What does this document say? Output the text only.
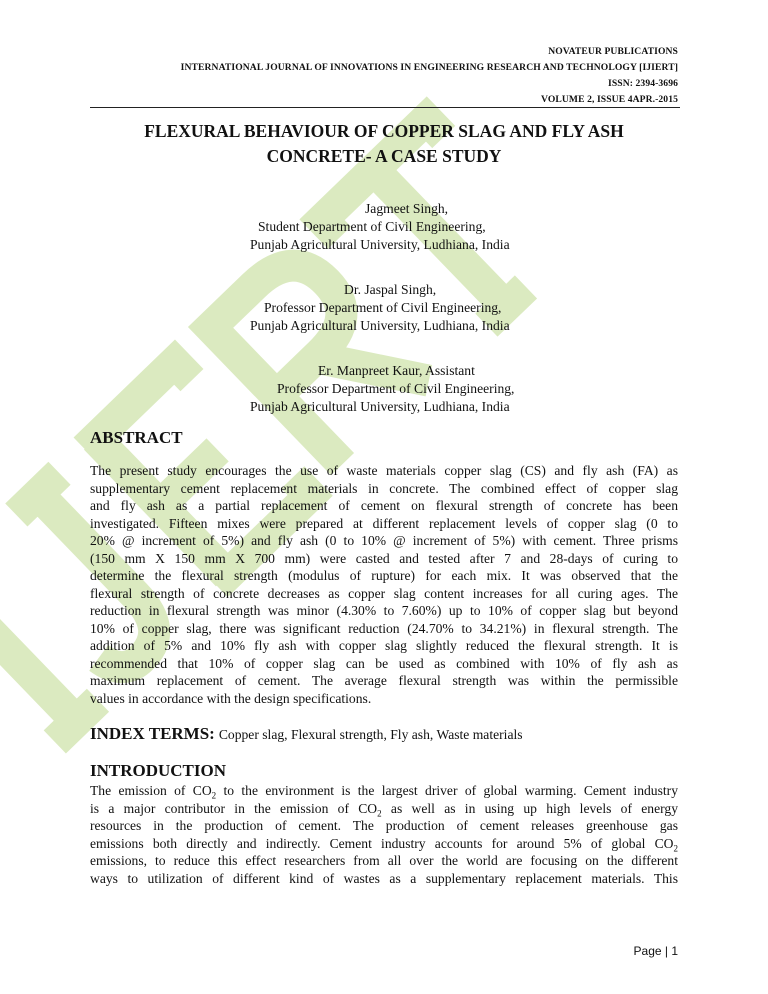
NOVATEUR PUBLICATIONS
INTERNATIONAL JOURNAL OF INNOVATIONS IN ENGINEERING RESEARCH AND TECHNOLOGY [IJIERT]
ISSN: 2394-3696
VOLUME 2, ISSUE 4APR.-2015
FLEXURAL BEHAVIOUR OF COPPER SLAG AND FLY ASH
CONCRETE- A CASE STUDY
Jagmeet Singh,
Student Department of Civil Engineering,
Punjab Agricultural University, Ludhiana, India
Dr. Jaspal Singh,
Professor Department of Civil Engineering,
Punjab Agricultural University, Ludhiana, India
Er. Manpreet Kaur, Assistant
Professor Department of Civil Engineering,
Punjab Agricultural University, Ludhiana, India
ABSTRACT
The present study encourages the use of waste materials copper slag (CS) and fly ash (FA) as
supplementary cement replacement materials in concrete. The combined effect of copper slag
and fly ash as a partial replacement of cement on flexural strength of concrete has been
investigated. Fifteen mixes were prepared at different replacement levels of copper slag (0 to
20% @ increment of 5%) and fly ash (0 to 10% @ increment of 5%) with cement. Three prisms
(150 mm X 150 mm X 700 mm) were casted and tested after 7 and 28-days of curing to
determine the flexural strength (modulus of rupture) for each mix. It was observed that the
flexural strength of concrete decreases as copper slag content increases for all curing ages. The
reduction in flexural strength was minor (4.30% to 7.60%) up to 10% of copper slag but beyond
10% of copper slag, there was significant reduction (24.70% to 34.21%) in flexural strength. The
addition of 5% and 10% fly ash with copper slag slightly reduced the flexural strength. It is
recommended that 10% of copper slag can be used as combined with 10% of fly ash as
maximum replacement of cement. The average flexural strength was within the permissible
values in accordance with the design specifications.
INDEX TERMS: Copper slag, Flexural strength, Fly ash, Waste materials
INTRODUCTION
The emission of $CO_2$ to the environment is the largest driver of global warming. Cement industry
is a major contributor in the emission of $CO_2$ as well as in using up high levels of energy
resources in the production of cement. The production of cement releases greenhouse gas
emissions both directly and indirectly. Cement industry accounts for around 5% of global $CO_2$
emissions, to reduce this effect researchers from all over the world are focusing on the different
ways to utilization of different kind of wastes as a supplementary replacement materials. This
Page | 1
